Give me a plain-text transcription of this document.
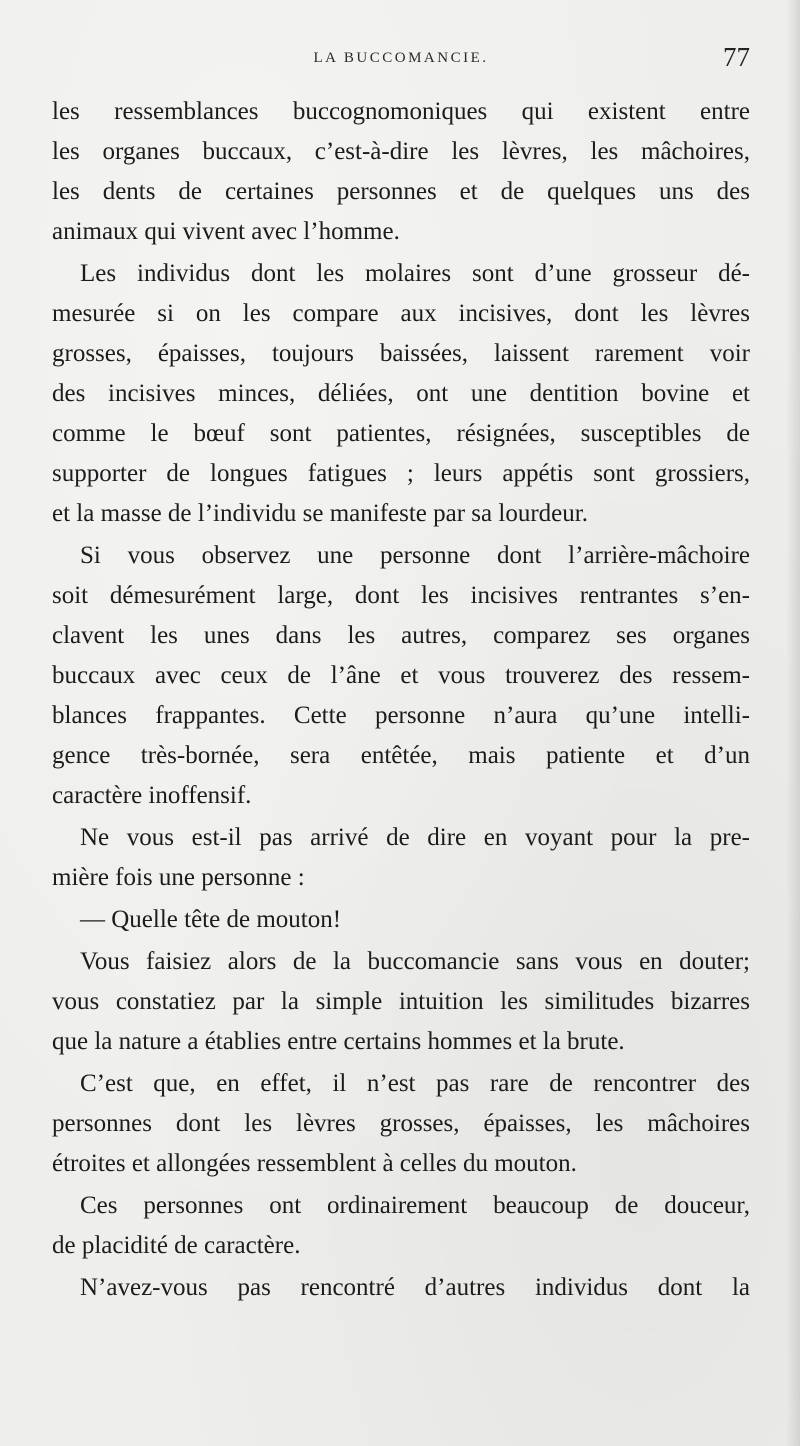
LA BUCCOMANCIE.	77

les ressemblances buccognomoniques qui existent entre
les organes buccaux, c’est-à-dire les lèvres, les mâchoires,
les dents de certaines personnes et de quelques uns des
animaux qui vivent avec l’homme.

Les individus dont les molaires sont d’une grosseur dé-
mesurée si on les compare aux incisives, dont les lèvres
grosses, épaisses, toujours baissées, laissent rarement voir
des incisives minces, déliées, ont une dentition bovine et
comme le bœuf sont patientes, résignées, susceptibles de
supporter de longues fatigues ; leurs appétis sont grossiers,
et la masse de l’individu se manifeste par sa lourdeur.

Si vous observez une personne dont l’arrière-mâchoire
soit démesurément large, dont les incisives rentrantes s’en-
clavent les unes dans les autres, comparez ses organes
buccaux avec ceux de l’âne et vous trouverez des ressem-
blances frappantes. Cette personne n’aura qu’une intelli-
gence très-bornée, sera entêtée, mais patiente et d’un
caractère inoffensif.

Ne vous est-il pas arrivé de dire en voyant pour la pre-
mière fois une personne :

— Quelle tête de mouton!

Vous faisiez alors de la buccomancie sans vous en douter;
vous constatiez par la simple intuition les similitudes bizarres
que la nature a établies entre certains hommes et la brute.

C’est que, en effet, il n’est pas rare de rencontrer des
personnes dont les lèvres grosses, épaisses, les mâchoires
étroites et allongées ressemblent à celles du mouton.

Ces personnes ont ordinairement beaucoup de douceur,
de placidité de caractère.

N’avez-vous pas rencontré d’autres individus dont la
